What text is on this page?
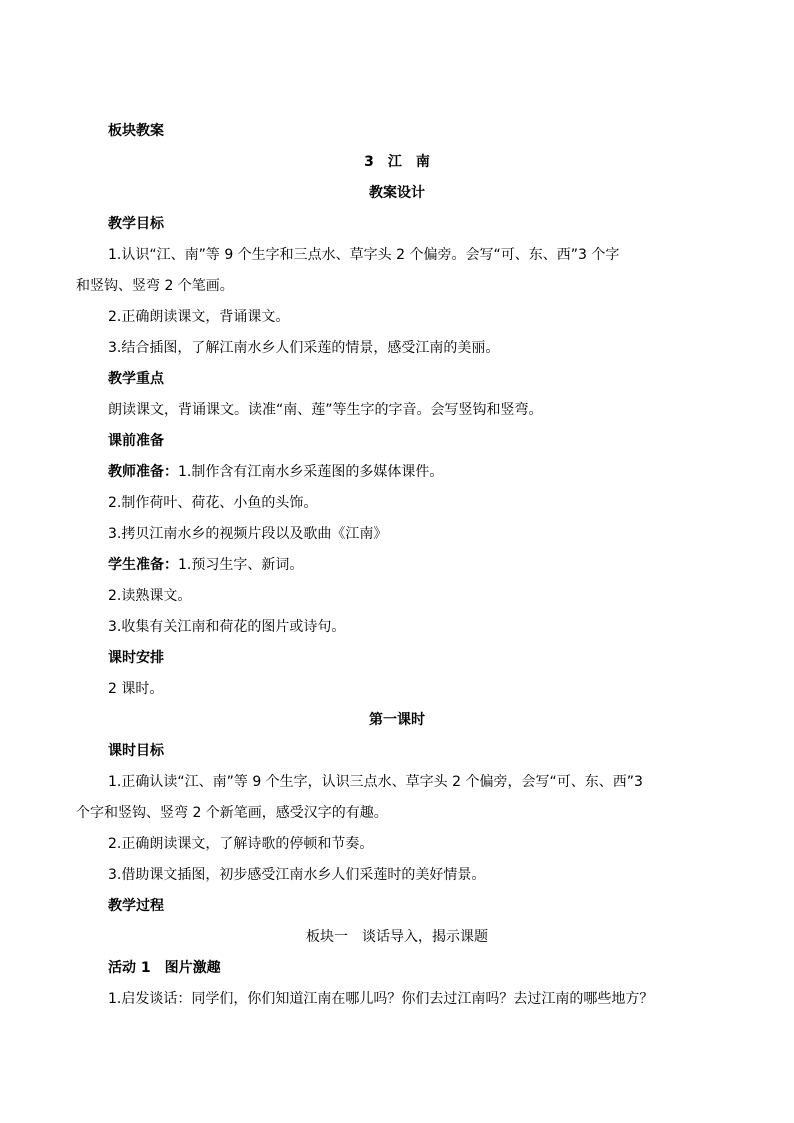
板块教案
3　江　南
教案设计
教学目标
1.认识“江、南”等 9 个生字和三点水、草字头 2 个偏旁。会写“可、东、西”3 个字
和竖钩、竖弯 2 个笔画。
2.正确朗读课文，背诵课文。
3.结合插图，了解江南水乡人们采莲的情景，感受江南的美丽。
教学重点
朗读课文，背诵课文。读准“南、莲”等生字的字音。会写竖钩和竖弯。
课前准备
教师准备：1.制作含有江南水乡采莲图的多媒体课件。
2.制作荷叶、荷花、小鱼的头饰。
3.拷贝江南水乡的视频片段以及歌曲《江南》
学生准备：1.预习生字、新词。
2.读熟课文。
3.收集有关江南和荷花的图片或诗句。
课时安排
2 课时。
第一课时
课时目标
1.正确认读“江、南”等 9 个生字，认识三点水、草字头 2 个偏旁，会写“可、东、西”3
个字和竖钩、竖弯 2 个新笔画，感受汉字的有趣。
2.正确朗读课文，了解诗歌的停顿和节奏。
3.借助课文插图，初步感受江南水乡人们采莲时的美好情景。
教学过程
板块一　谈话导入，揭示课题
活动 1　图片激趣
1.启发谈话：同学们，你们知道江南在哪儿吗？你们去过江南吗？去过江南的哪些地方？
